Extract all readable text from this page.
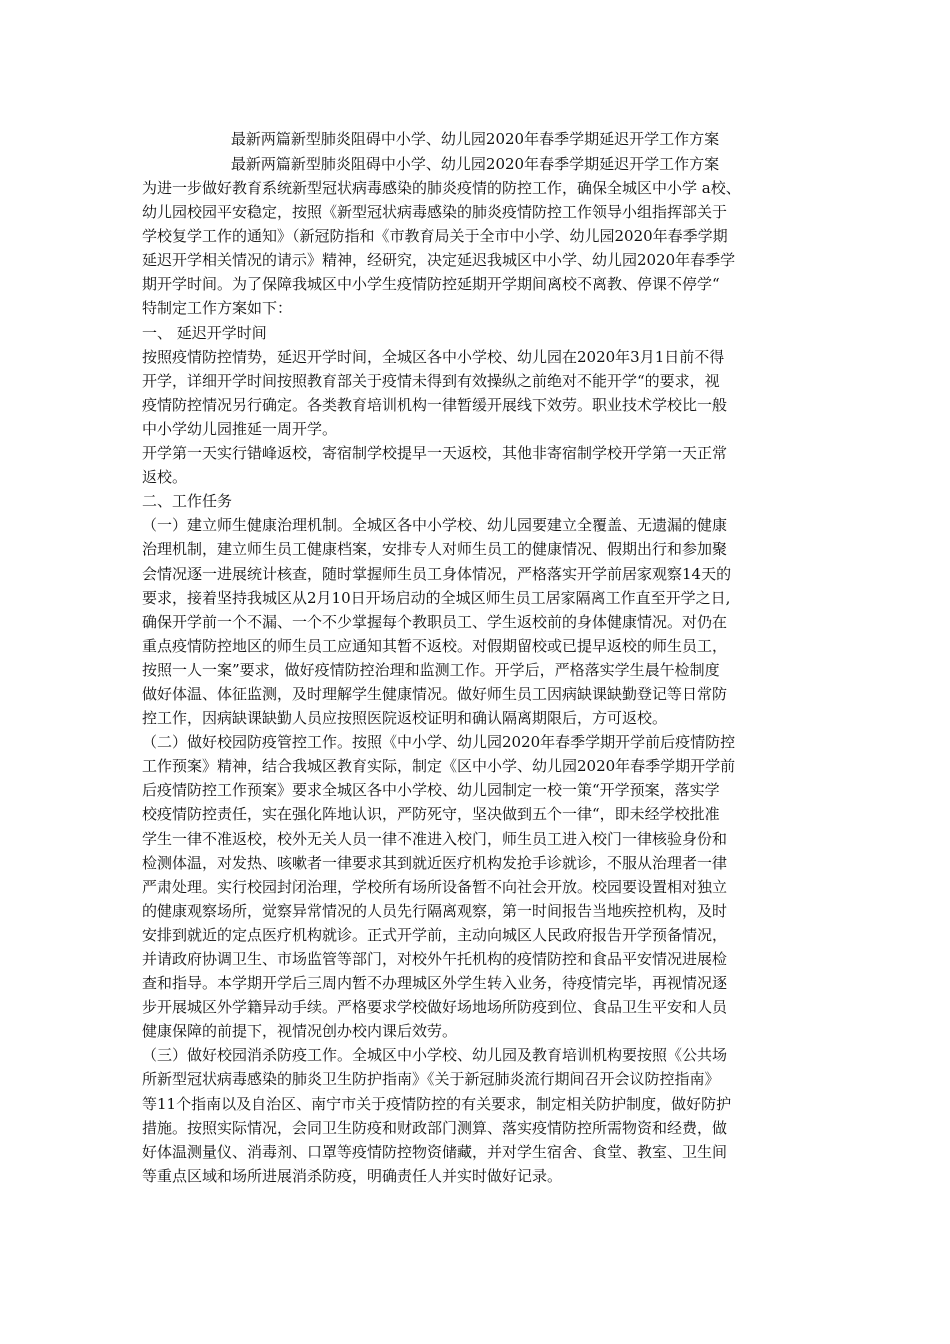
最新两篇新型肺炎阻碍中小学、幼儿园2020年春季学期延迟开学工作方案
最新两篇新型肺炎阻碍中小学、幼儿园2020年春季学期延迟开学工作方案
为进一步做好教育系统新型冠状病毒感染的肺炎疫情的防控工作，确保全城区中小学 a校、
幼儿园校园平安稳定，按照《新型冠状病毒感染的肺炎疫情防控工作领导小组指挥部关于
学校复学工作的通知》（新冠防指和《市教育局关于全市中小学、幼儿园2020年春季学期
延迟开学相关情况的请示》精神，经研究，决定延迟我城区中小学、幼儿园2020年春季学
期开学时间。为了保障我城区中小学生疫情防控延期开学期间离校不离教、停课不停学“
特制定工作方案如下：
一、 延迟开学时间
按照疫情防控情势，延迟开学时间，全城区各中小学校、幼儿园在2020年3月1日前不得
开学，详细开学时间按照教育部关于疫情未得到有效操纵之前绝对不能开学“的要求，视
疫情防控情况另行确定。各类教育培训机构一律暂缓开展线下效劳。职业技术学校比一般
中小学幼儿园推延一周开学。
开学第一天实行错峰返校，寄宿制学校提早一天返校，其他非寄宿制学校开学第一天正常
返校。
二、工作任务
（一）建立师生健康治理机制。全城区各中小学校、幼儿园要建立全覆盖、无遗漏的健康
治理机制，建立师生员工健康档案，安排专人对师生员工的健康情况、假期出行和参加聚
会情况逐一进展统计核查，随时掌握师生员工身体情况，严格落实开学前居家观察14天的
要求，接着坚持我城区从2月10日开场启动的全城区师生员工居家隔离工作直至开学之日,
确保开学前一个不漏、一个不少掌握每个教职员工、学生返校前的身体健康情况。对仍在
重点疫情防控地区的师生员工应通知其暂不返校。对假期留校或已提早返校的师生员工，
按照一人一案”要求，做好疫情防控治理和监测工作。开学后，严格落实学生晨午检制度
做好体温、体征监测，及时理解学生健康情况。做好师生员工因病缺课缺勤登记等日常防
控工作，因病缺课缺勤人员应按照医院返校证明和确认隔离期限后，方可返校。
（二）做好校园防疫管控工作。按照《中小学、幼儿园2020年春季学期开学前后疫情防控
工作预案》精神，结合我城区教育实际，制定《区中小学、幼儿园2020年春季学期开学前
后疫情防控工作预案》要求全城区各中小学校、幼儿园制定一校一策“开学预案，落实学
校疫情防控责任，实在强化阵地认识，严防死守，坚决做到五个一律“，即未经学校批准
学生一律不准返校，校外无关人员一律不准进入校门，师生员工进入校门一律核验身份和
检测体温，对发热、咳嗽者一律要求其到就近医疗机构发抢手诊就诊，不服从治理者一律
严肃处理。实行校园封闭治理，学校所有场所设备暂不向社会开放。校园要设置相对独立
的健康观察场所，觉察异常情况的人员先行隔离观察，第一时间报告当地疾控机构，及时
安排到就近的定点医疗机构就诊。正式开学前，主动向城区人民政府报告开学预备情况，
并请政府协调卫生、市场监管等部门，对校外午托机构的疫情防控和食品平安情况进展检
查和指导。本学期开学后三周内暂不办理城区外学生转入业务，待疫情完毕，再视情况逐
步开展城区外学籍异动手续。严格要求学校做好场地场所防疫到位、食品卫生平安和人员
健康保障的前提下，视情况创办校内课后效劳。
（三）做好校园消杀防疫工作。全城区中小学校、幼儿园及教育培训机构要按照《公共场
所新型冠状病毒感染的肺炎卫生防护指南》《关于新冠肺炎流行期间召开会议防控指南》
等11个指南以及自治区、南宁市关于疫情防控的有关要求，制定相关防护制度，做好防护
措施。按照实际情况，会同卫生防疫和财政部门测算、落实疫情防控所需物资和经费，做
好体温测量仪、消毒剂、口罩等疫情防控物资储藏，并对学生宿舍、食堂、教室、卫生间
等重点区域和场所进展消杀防疫，明确责任人并实时做好记录。
